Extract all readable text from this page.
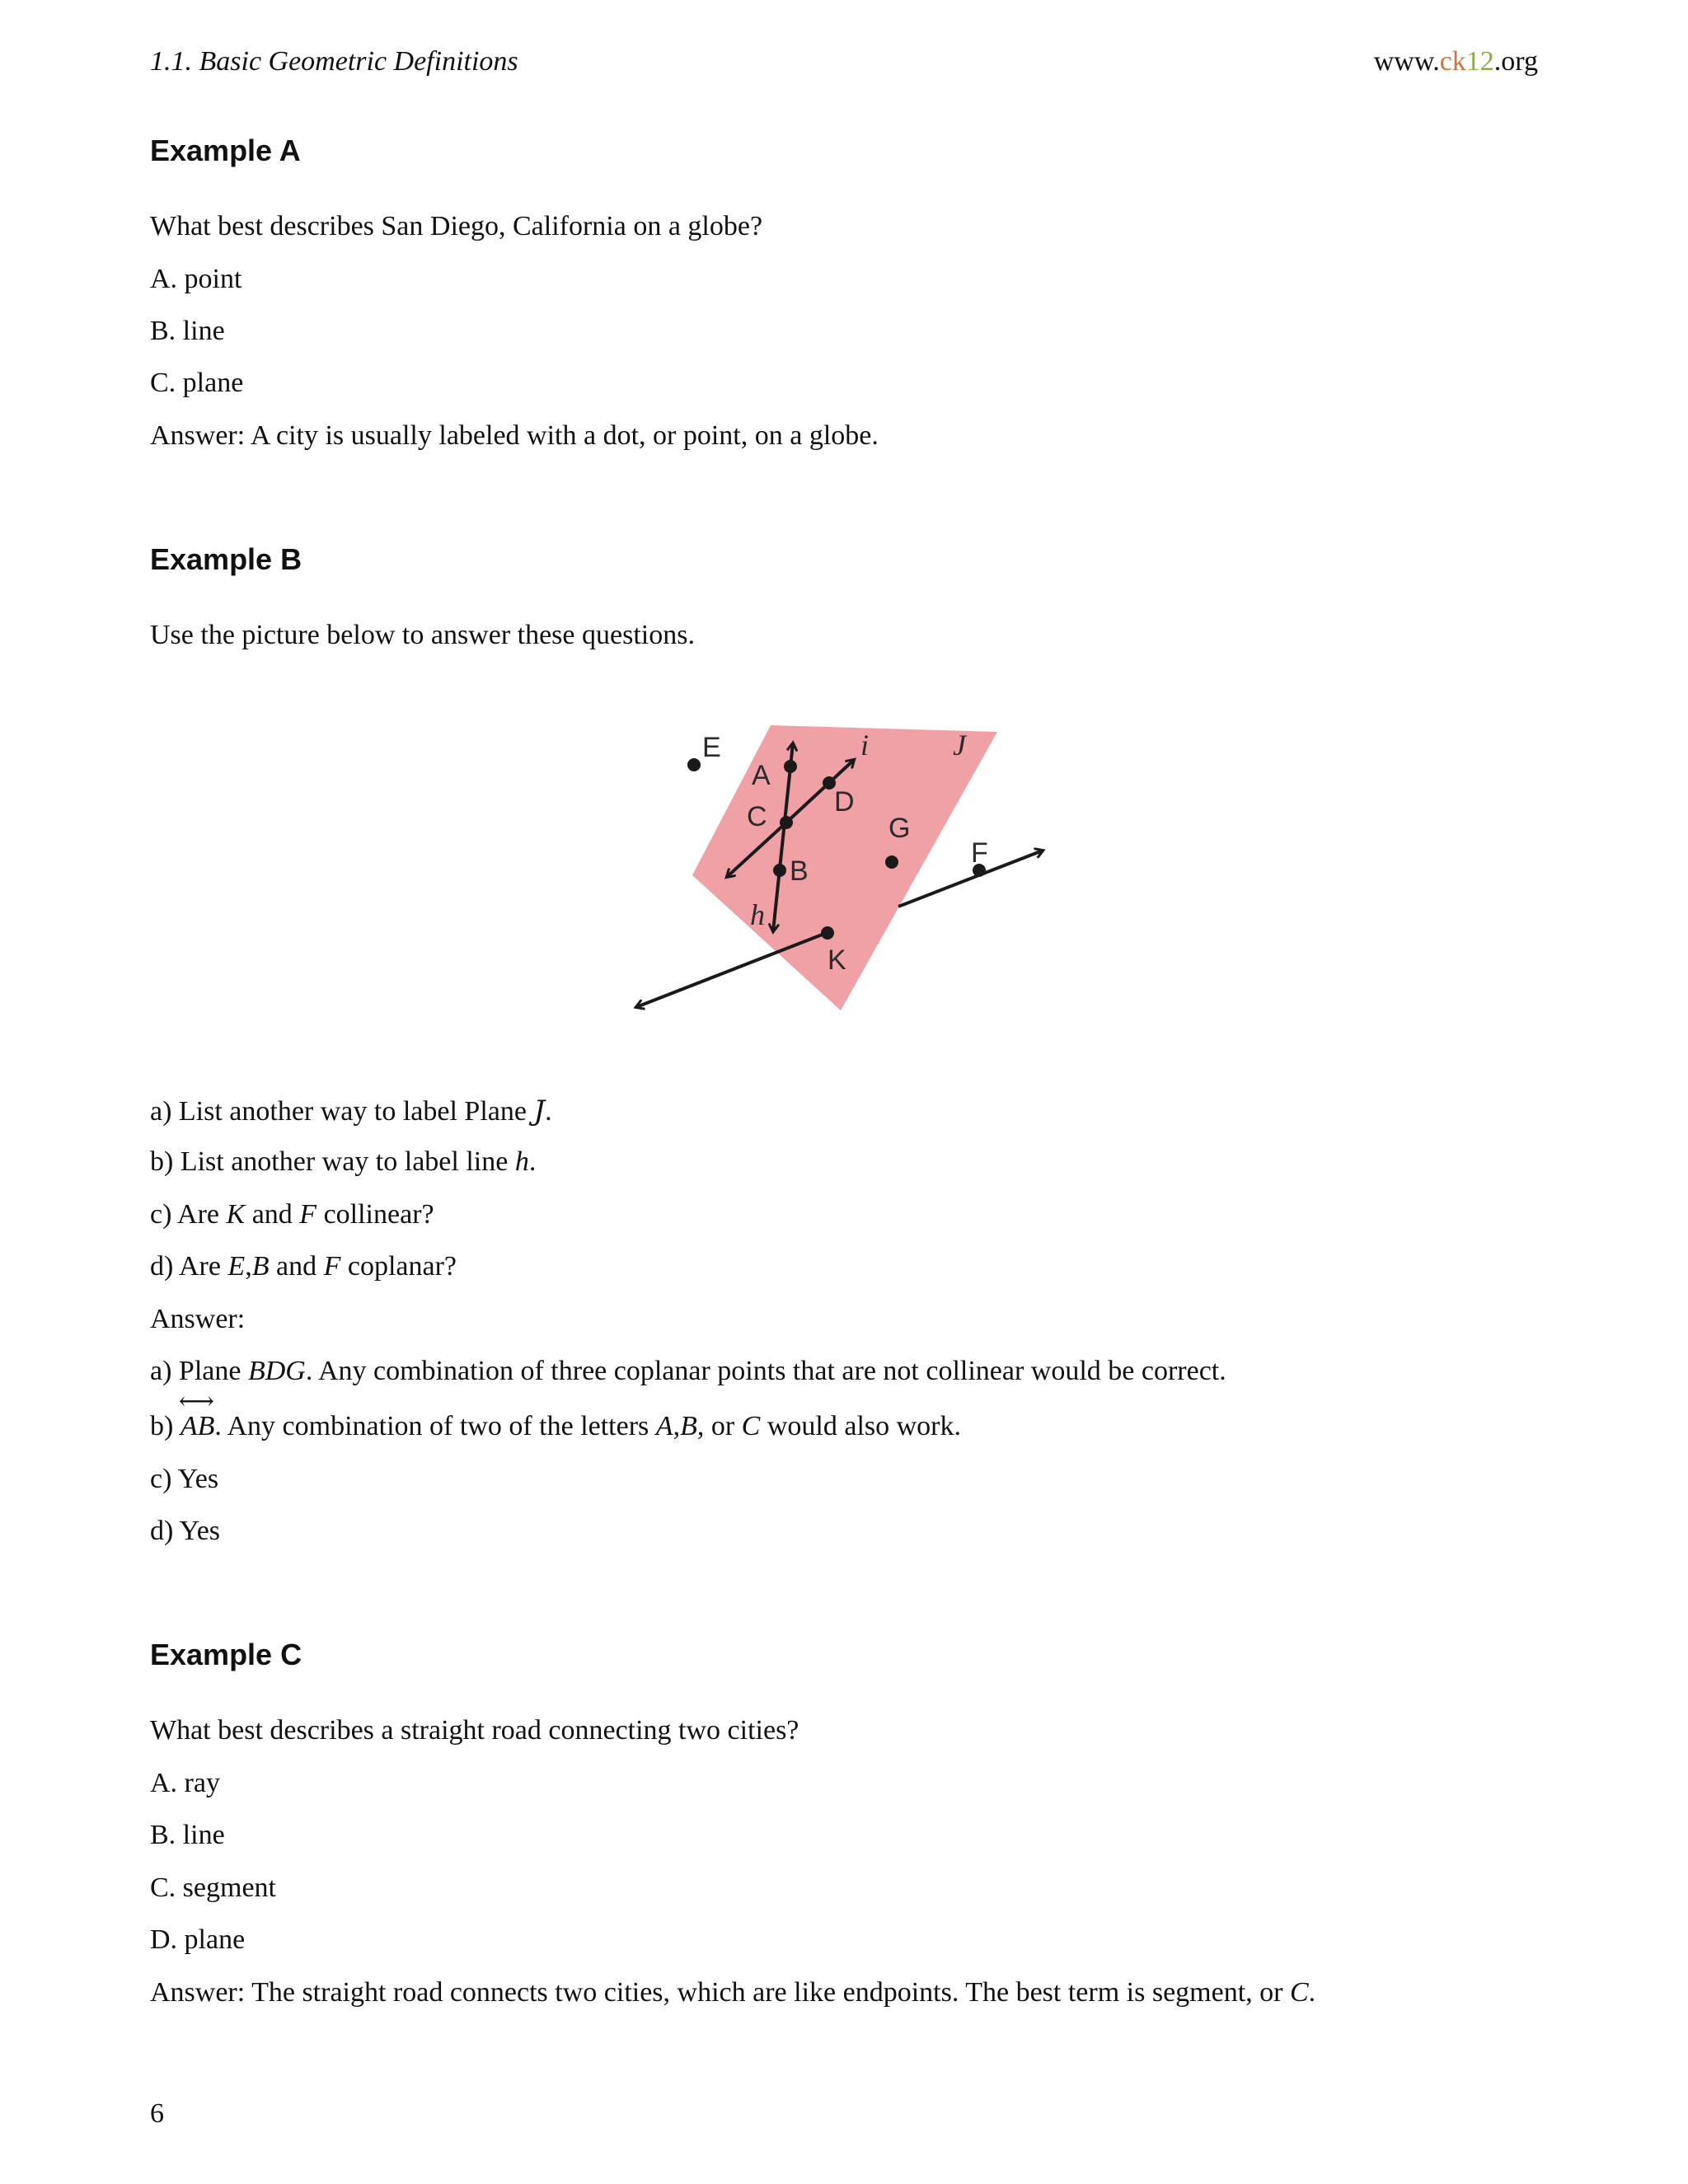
1.1. Basic Geometric Definitions	www.ck12.org
Example A

What best describes San Diego, California on a globe?

A. point

B. line

C. plane

Answer: A city is usually labeled with a dot, or point, on a globe.

Example B

Use the picture below to answer these questions.

E
A
C D
G
B
F
K
h
i	J

a) List another way to label Plane J.

b) List another way to label line h.

c) Are K and F collinear?

d) Are E,B and F coplanar?

Answer:

a) Plane BDG. Any combination of three coplanar points that are not collinear would be correct.

b)
⟷
AB. Any combination of two of the letters A,B, or C would also work.

c) Yes

d) Yes

Example C

What best describes a straight road connecting two cities?

A. ray

B. line

C. segment

D. plane

Answer: The straight road connects two cities, which are like endpoints. The best term is segment, or C.

6
